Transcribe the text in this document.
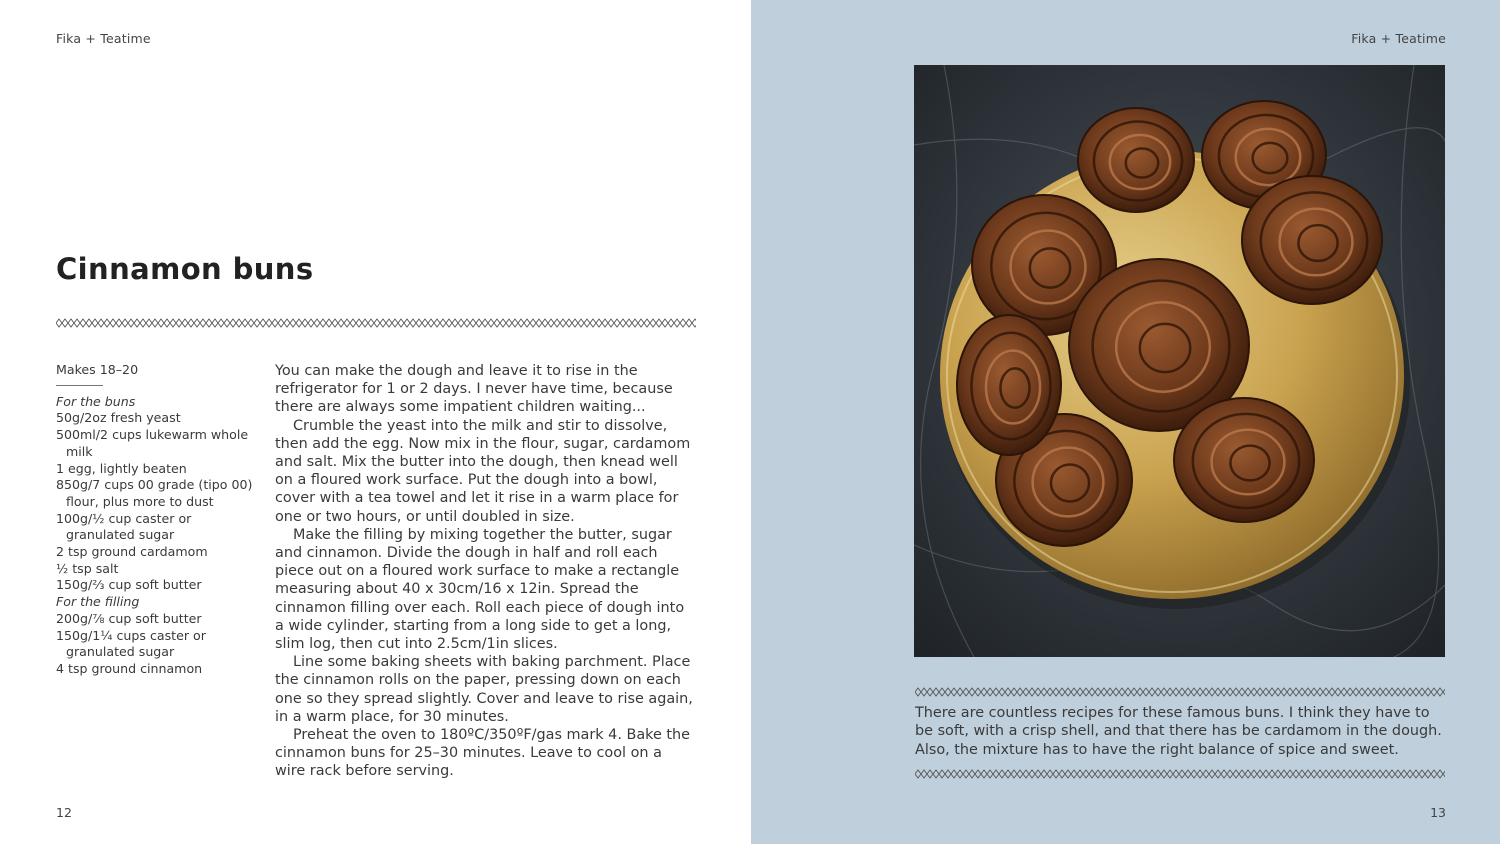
Fika + Teatime
Cinnamon buns
Makes 18–20
For the buns
50g/2oz fresh yeast
500ml/2 cups lukewarm whole milk
1 egg, lightly beaten
850g/7 cups 00 grade (tipo 00) flour, plus more to dust
100g/½ cup caster or granulated sugar
2 tsp ground cardamom
½ tsp salt
150g/⅔ cup soft butter
For the filling
200g/⅞ cup soft butter
150g/1¼ cups caster or granulated sugar
4 tsp ground cinnamon

You can make the dough and leave it to rise in the refrigerator for 1 or 2 days. I never have time, because there are always some impatient children waiting...

Crumble the yeast into the milk and stir to dissolve, then add the egg. Now mix in the flour, sugar, cardamom and salt. Mix the butter into the dough, then knead well on a floured work surface. Put the dough into a bowl, cover with a tea towel and let it rise in a warm place for one or two hours, or until doubled in size.

Make the filling by mixing together the butter, sugar and cinnamon. Divide the dough in half and roll each piece out on a floured work surface to make a rectangle measuring about 40 x 30cm/16 x 12in. Spread the cinnamon filling over each. Roll each piece of dough into a wide cylinder, starting from a long side to get a long, slim log, then cut into 2.5cm/1in slices.

Line some baking sheets with baking parchment. Place the cinnamon rolls on the paper, pressing down on each one so they spread slightly. Cover and leave to rise again, in a warm place, for 30 minutes.

Preheat the oven to 180ºC/350ºF/gas mark 4. Bake the cinnamon buns for 25–30 minutes. Leave to cool on a wire rack before serving.

12
Fika + Teatime
13
There are countless recipes for these famous buns. I think they have to be soft, with a crisp shell, and that there has be cardamom in the dough. Also, the mixture has to have the right balance of spice and sweet.
